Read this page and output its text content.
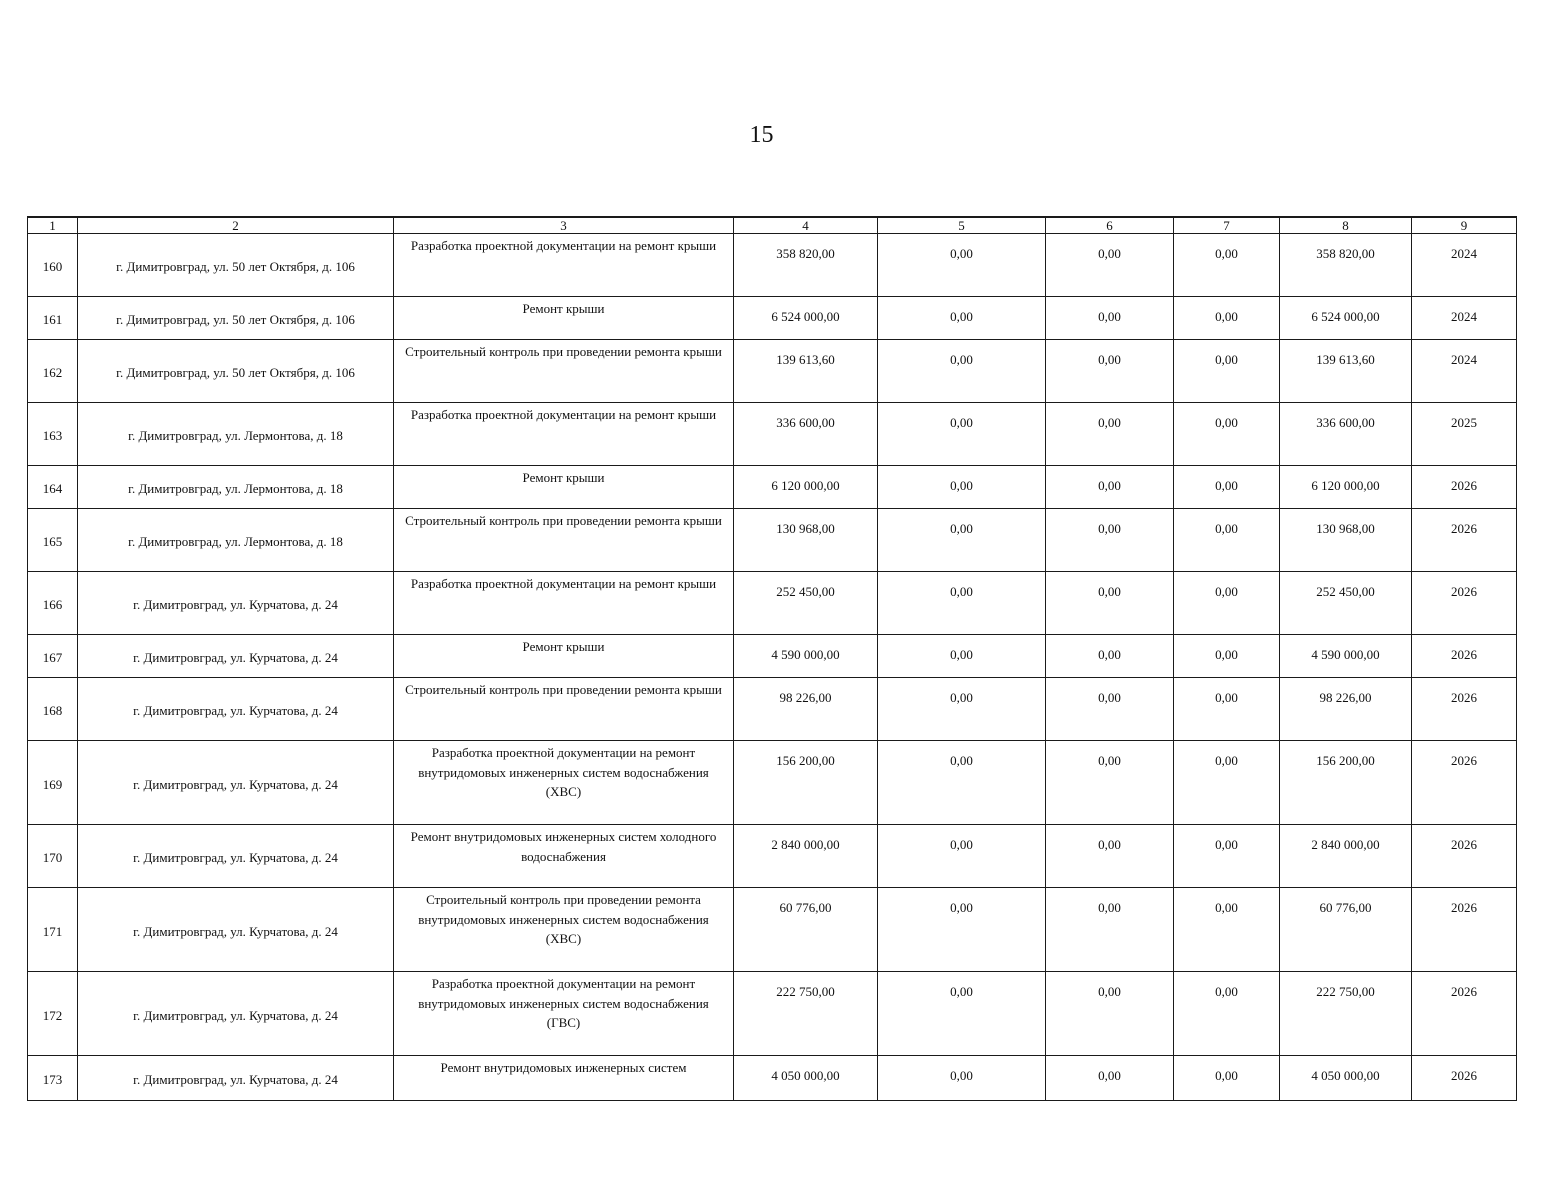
15
1	2	3	4	5	6	7	8	9
160	г. Димитровград, ул. 50 лет Октября, д. 106	Разработка проектной документации на ремонт крыши	358 820,00	0,00	0,00	0,00	358 820,00	2024
161	г. Димитровград, ул. 50 лет Октября, д. 106	Ремонт крыши	6 524 000,00	0,00	0,00	0,00	6 524 000,00	2024
162	г. Димитровград, ул. 50 лет Октября, д. 106	Строительный контроль при проведении ремонта крыши	139 613,60	0,00	0,00	0,00	139 613,60	2024
163	г. Димитровград, ул. Лермонтова, д. 18	Разработка проектной документации на ремонт крыши	336 600,00	0,00	0,00	0,00	336 600,00	2025
164	г. Димитровград, ул. Лермонтова, д. 18	Ремонт крыши	6 120 000,00	0,00	0,00	0,00	6 120 000,00	2026
165	г. Димитровград, ул. Лермонтова, д. 18	Строительный контроль при проведении ремонта крыши	130 968,00	0,00	0,00	0,00	130 968,00	2026
166	г. Димитровград, ул. Курчатова, д. 24	Разработка проектной документации на ремонт крыши	252 450,00	0,00	0,00	0,00	252 450,00	2026
167	г. Димитровград, ул. Курчатова, д. 24	Ремонт крыши	4 590 000,00	0,00	0,00	0,00	4 590 000,00	2026
168	г. Димитровград, ул. Курчатова, д. 24	Строительный контроль при проведении ремонта крыши	98 226,00	0,00	0,00	0,00	98 226,00	2026
169	г. Димитровград, ул. Курчатова, д. 24	Разработка проектной документации на ремонт внутридомовых инженерных систем водоснабжения (ХВС)	156 200,00	0,00	0,00	0,00	156 200,00	2026
170	г. Димитровград, ул. Курчатова, д. 24	Ремонт внутридомовых инженерных систем холодного водоснабжения	2 840 000,00	0,00	0,00	0,00	2 840 000,00	2026
171	г. Димитровград, ул. Курчатова, д. 24	Строительный контроль при проведении ремонта внутридомовых инженерных систем водоснабжения (ХВС)	60 776,00	0,00	0,00	0,00	60 776,00	2026
172	г. Димитровград, ул. Курчатова, д. 24	Разработка проектной документации на ремонт внутридомовых инженерных систем водоснабжения (ГВС)	222 750,00	0,00	0,00	0,00	222 750,00	2026
173	г. Димитровград, ул. Курчатова, д. 24	Ремонт внутридомовых инженерных систем	4 050 000,00	0,00	0,00	0,00	4 050 000,00	2026
